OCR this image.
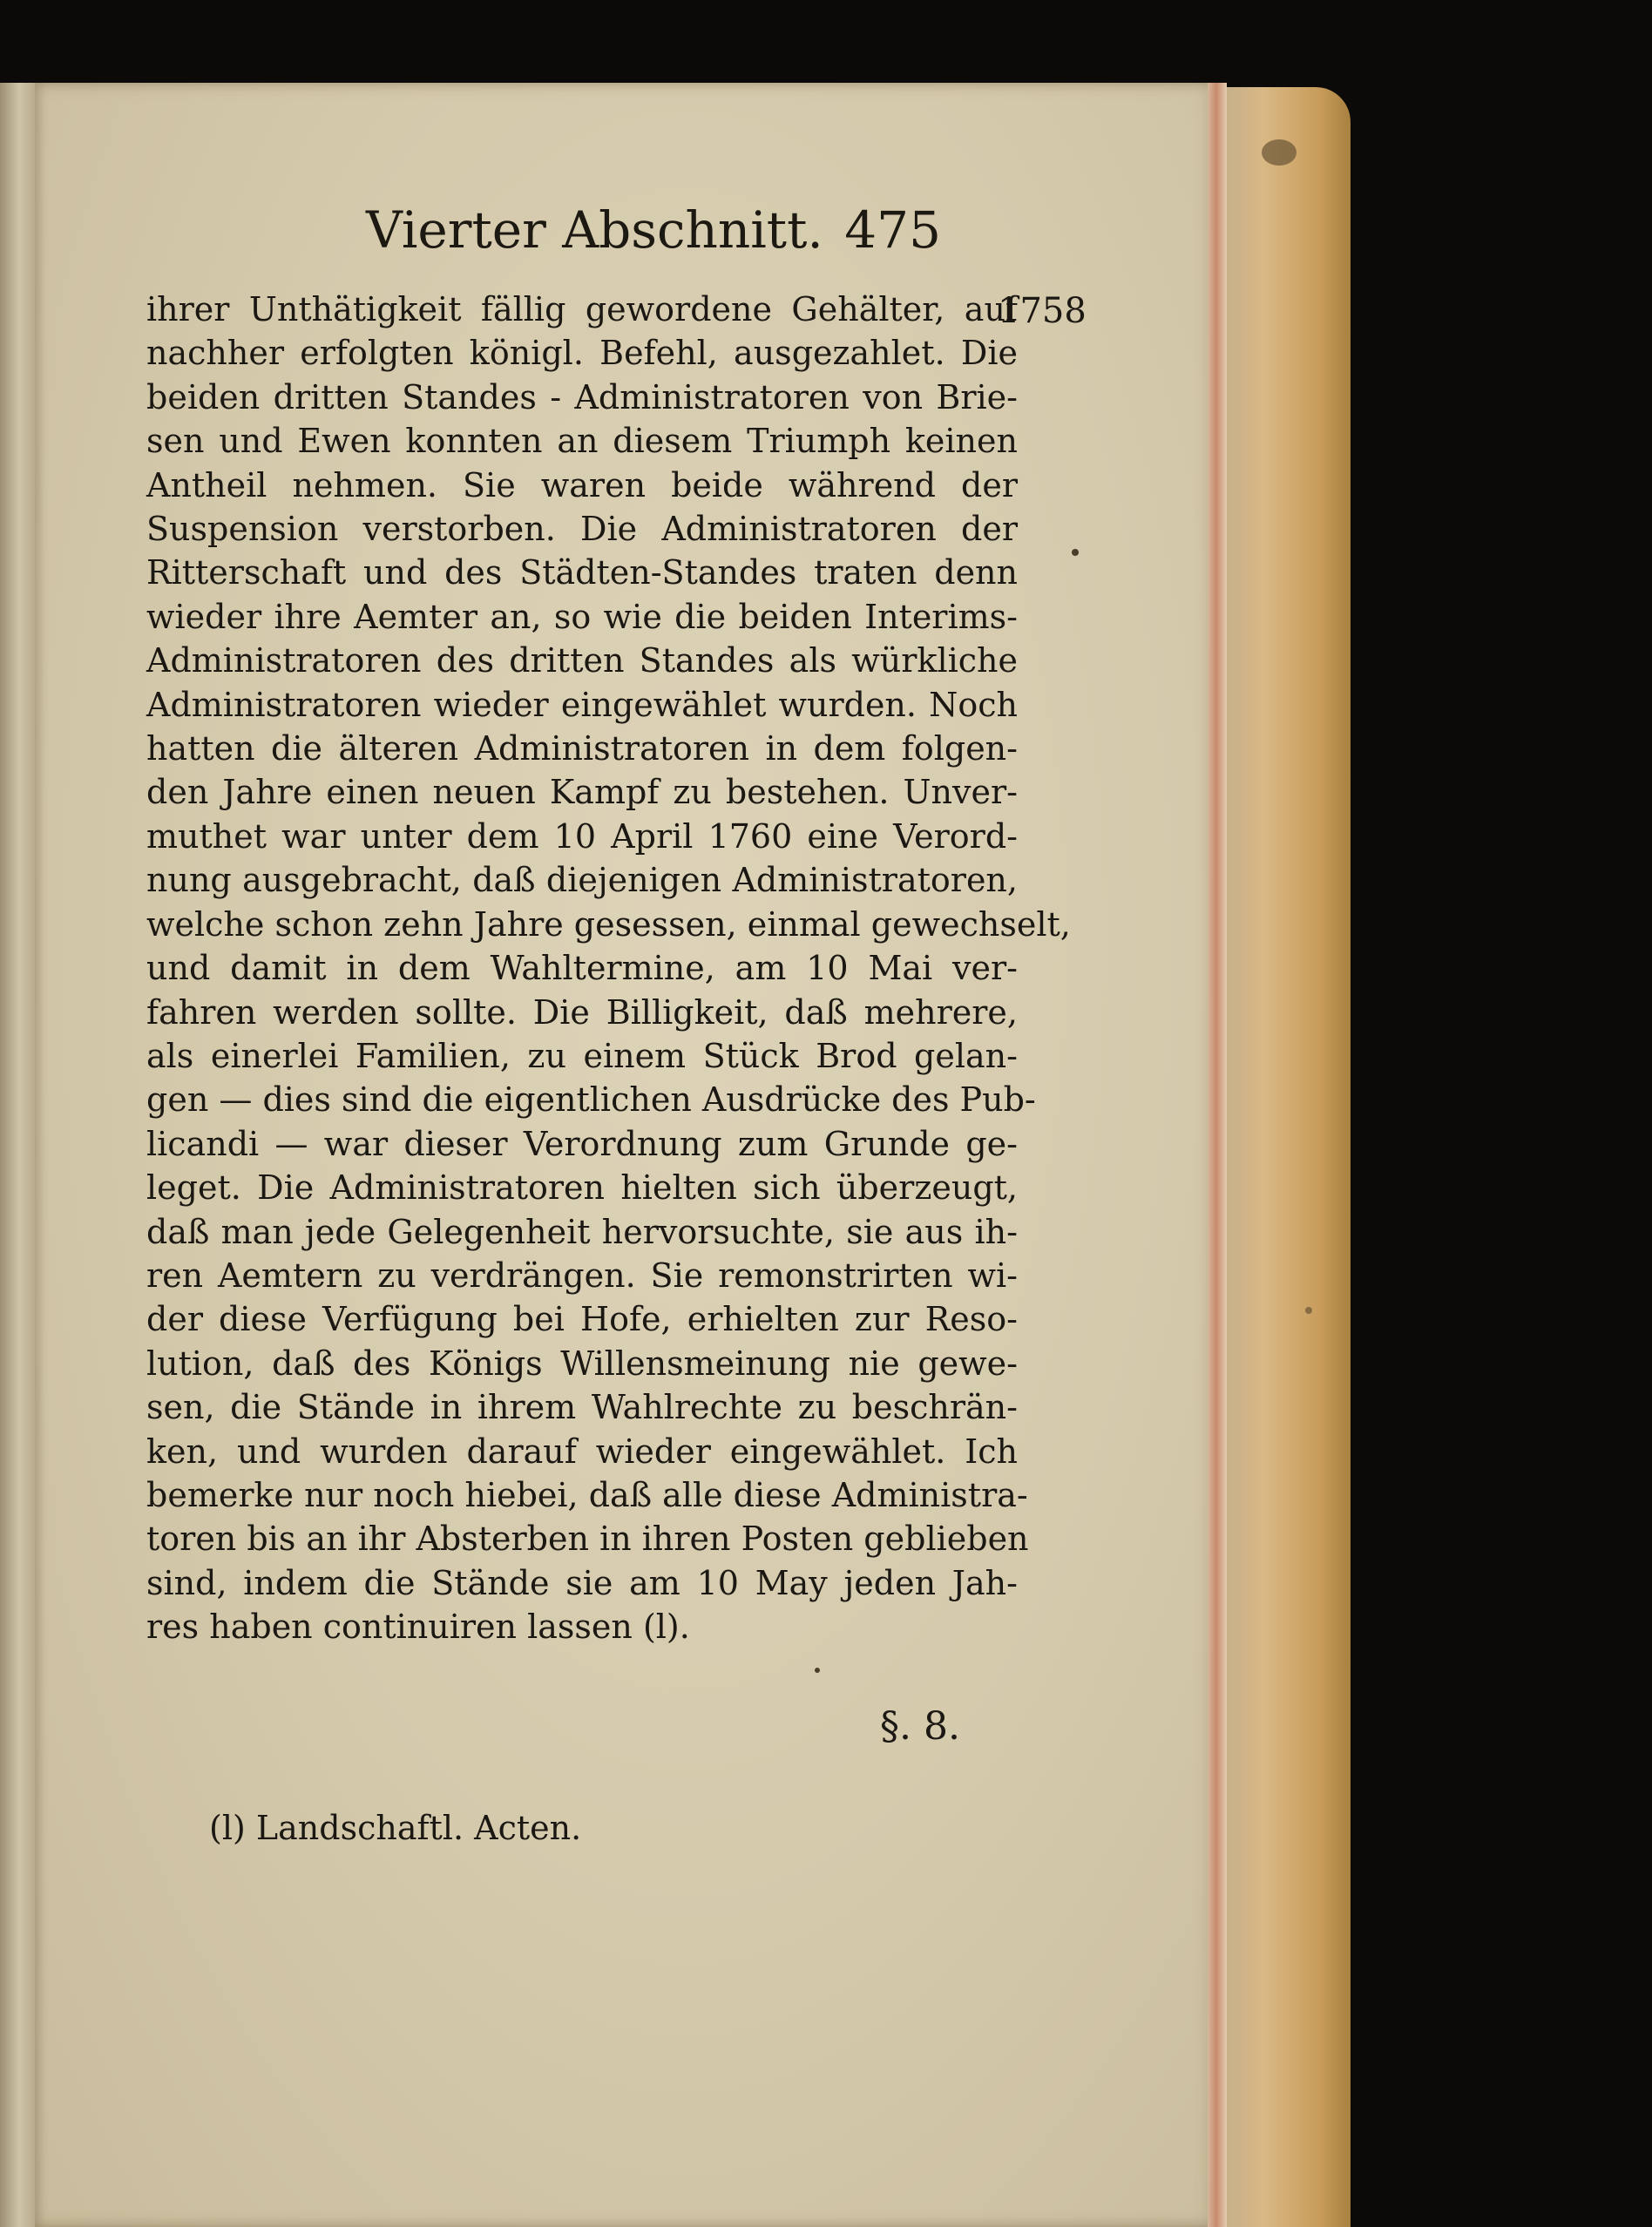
Vierter Abschnitt. 475
1758
ihrer Unthätigkeit fällig gewordene Gehälter, auf
nachher erfolgten königl. Befehl, ausgezahlet. Die
beiden dritten Standes - Administratoren von Brie-
sen und Ewen konnten an diesem Triumph keinen
Antheil nehmen. Sie waren beide während der
Suspension verstorben. Die Administratoren der
Ritterschaft und des Städten-Standes traten denn
wieder ihre Aemter an, so wie die beiden Interims-
Administratoren des dritten Standes als würkliche
Administratoren wieder eingewählet wurden. Noch
hatten die älteren Administratoren in dem folgen-
den Jahre einen neuen Kampf zu bestehen. Unver-
muthet war unter dem 10 April 1760 eine Verord-
nung ausgebracht, daß diejenigen Administratoren,
welche schon zehn Jahre gesessen, einmal gewechselt,
und damit in dem Wahltermine, am 10 Mai ver-
fahren werden sollte. Die Billigkeit, daß mehrere,
als einerlei Familien, zu einem Stück Brod gelan-
gen — dies sind die eigentlichen Ausdrücke des Pub-
licandi — war dieser Verordnung zum Grunde ge-
leget. Die Administratoren hielten sich überzeugt,
daß man jede Gelegenheit hervorsuchte, sie aus ih-
ren Aemtern zu verdrängen. Sie remonstrirten wi-
der diese Verfügung bei Hofe, erhielten zur Reso-
lution, daß des Königs Willensmeinung nie gewe-
sen, die Stände in ihrem Wahlrechte zu beschrän-
ken, und wurden darauf wieder eingewählet. Ich
bemerke nur noch hiebei, daß alle diese Administra-
toren bis an ihr Absterben in ihren Posten geblieben
sind, indem die Stände sie am 10 May jeden Jah-
res haben continuiren lassen (l).
§. 8.
(l) Landschaftl. Acten.
